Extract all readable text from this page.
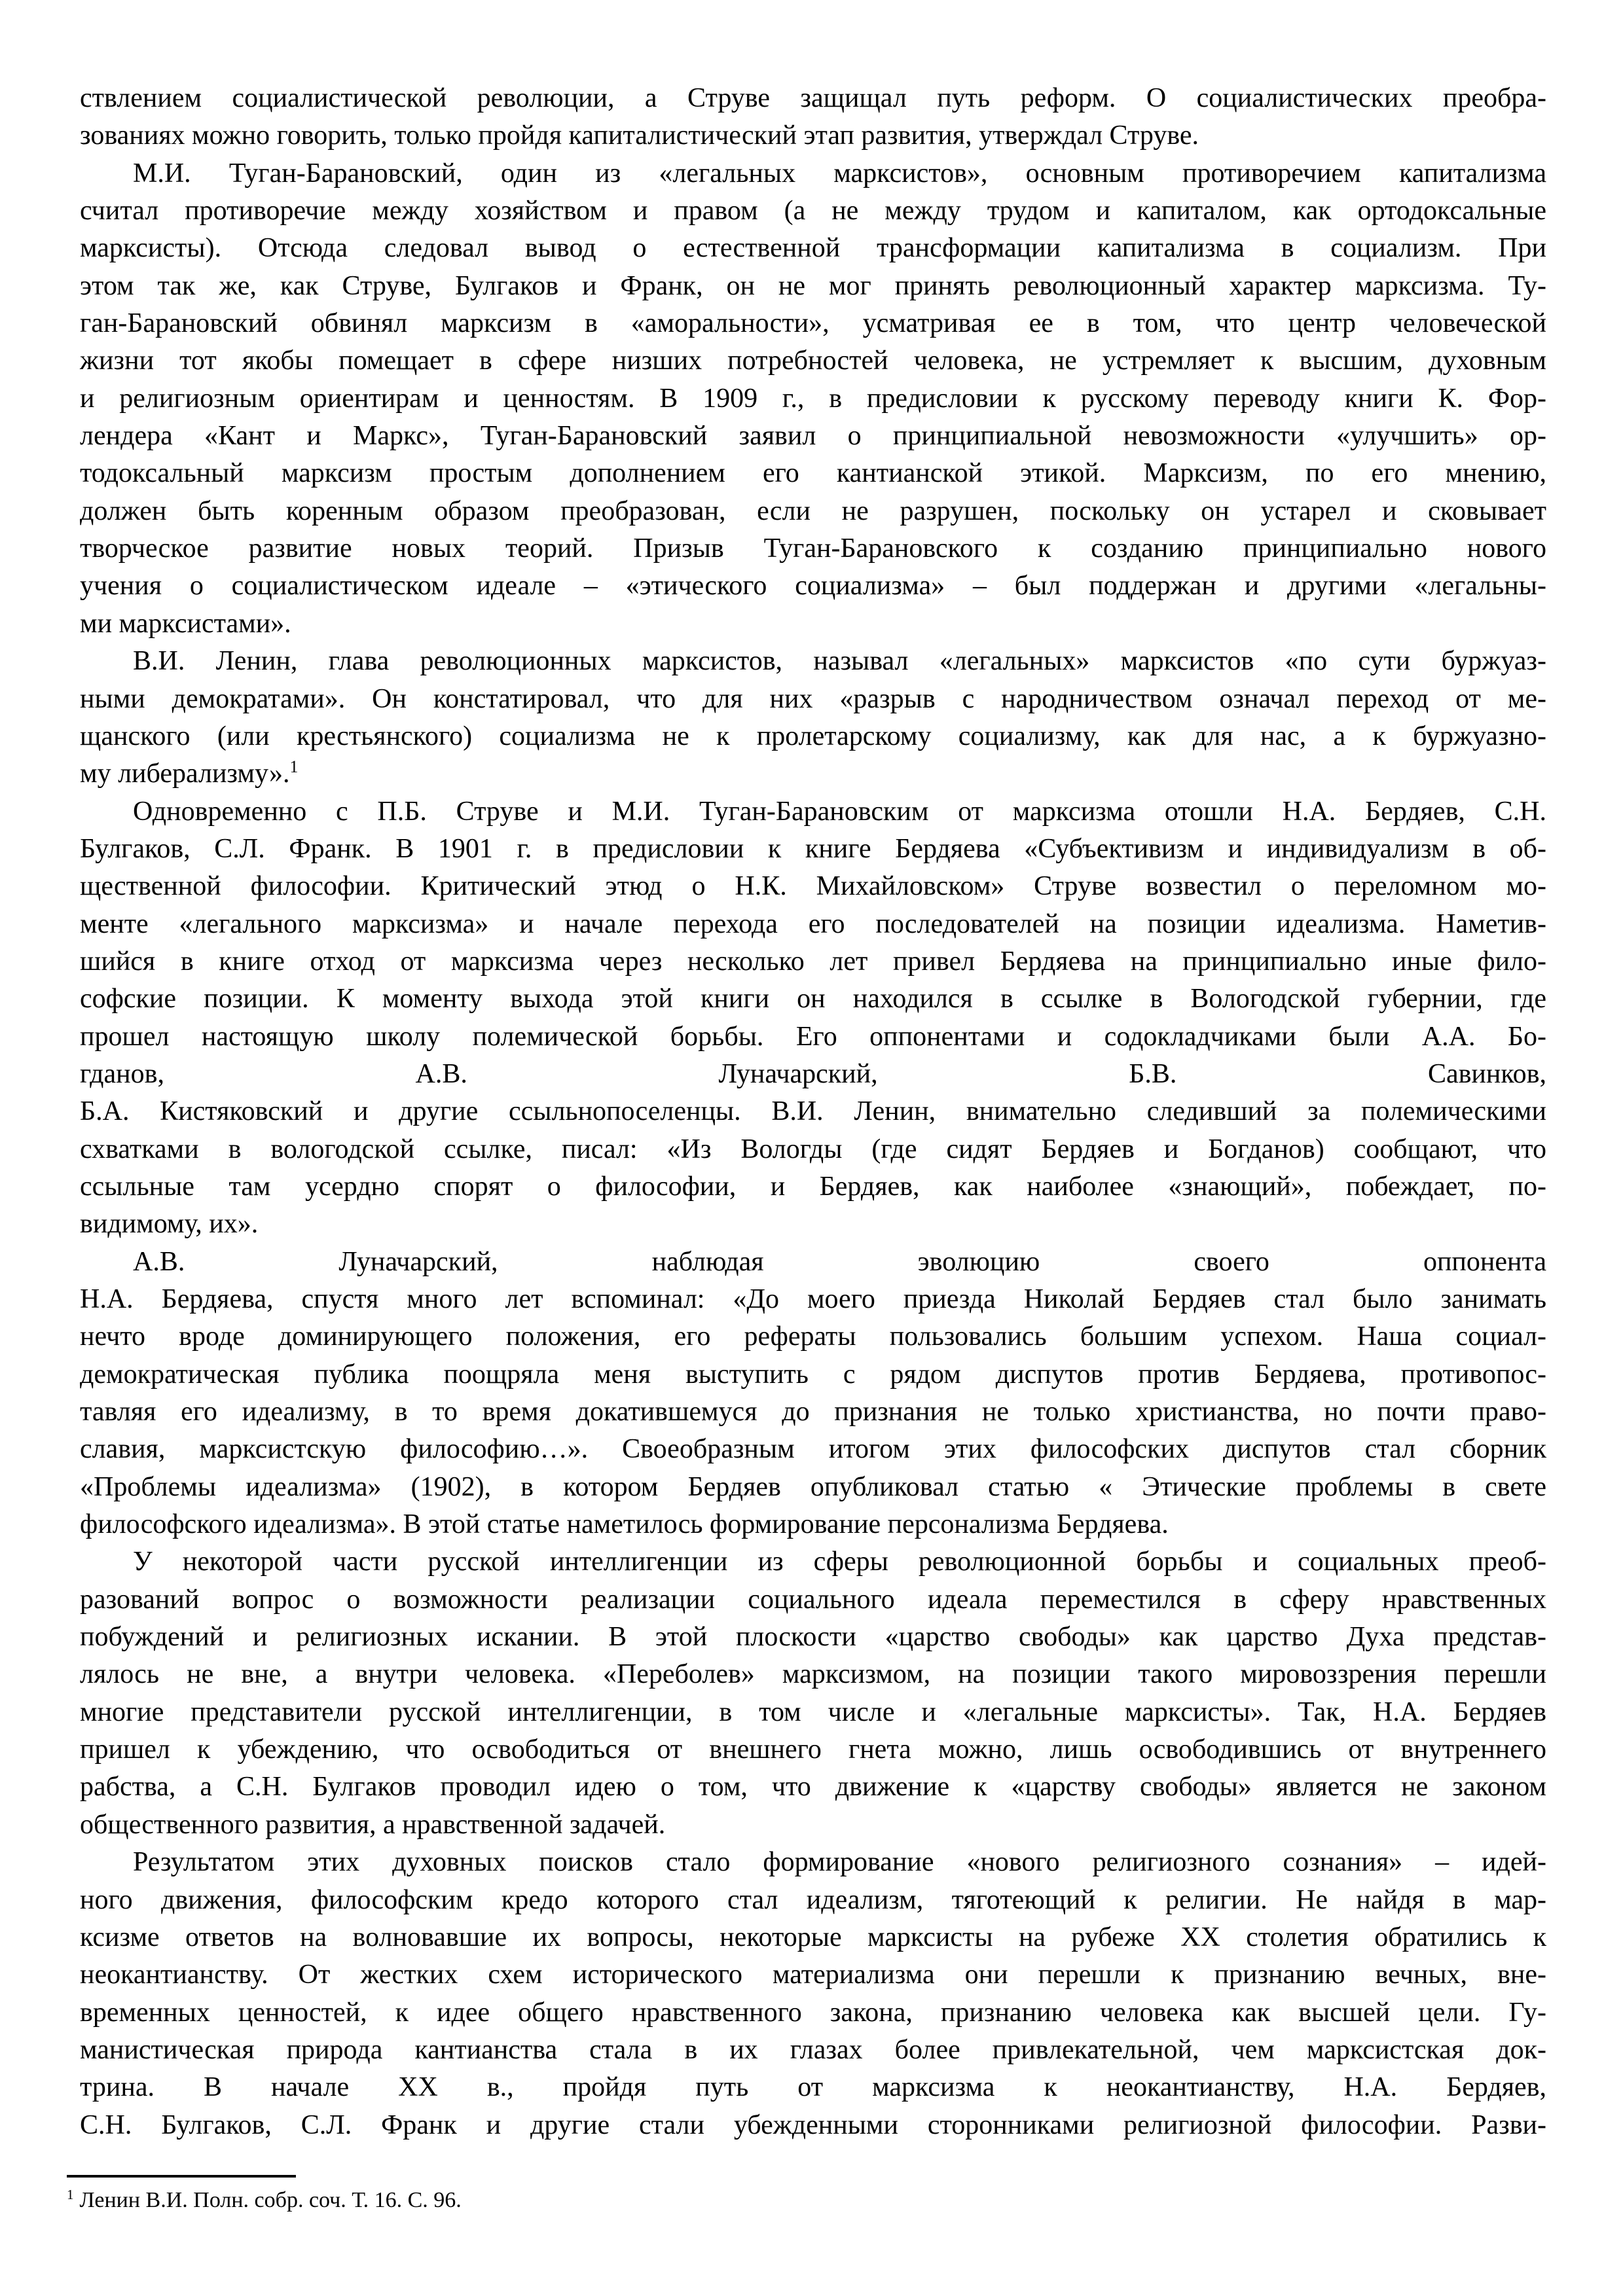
ствлением социалистической революции, а Струве защищал путь реформ. О социалистических преобра-
зованиях можно говорить, только пройдя капиталистический этап развития, утверждал Струве.
М.И. Туган-Барановский, один из «легальных марксистов», основным противоречием капитализма
считал противоречие между хозяйством и правом (а не между трудом и капиталом, как ортодоксальные
марксисты). Отсюда следовал вывод о естественной трансформации капитализма в социализм. При
этом так же, как Струве, Булгаков и Франк, он не мог принять революционный характер марксизма. Ту-
ган-Барановский обвинял марксизм в «аморальности», усматривая ее в том, что центр человеческой
жизни тот якобы помещает в сфере низших потребностей человека, не устремляет к высшим, духовным
и религиозным ориентирам и ценностям. В 1909 г., в предисловии к русскому переводу книги К. Фор-
лендера «Кант и Маркс», Туган-Барановский заявил о принципиальной невозможности «улучшить» ор-
тодоксальный марксизм простым дополнением его кантианской этикой. Марксизм, по его мнению,
должен быть коренным образом преобразован, если не разрушен, поскольку он устарел и сковывает
творческое развитие новых теорий. Призыв Туган-Барановского к созданию принципиально нового
учения о социалистическом идеале – «этического социализма» – был поддержан и другими «легальны-
ми марксистами».
В.И. Ленин, глава революционных марксистов, называл «легальных» марксистов «по сути буржуаз-
ными демократами». Он констатировал, что для них «разрыв с народничеством означал переход от ме-
щанского (или крестьянского) социализма не к пролетарскому социализму, как для нас, а к буржуазно-
му либерализму».$^1$
Одновременно с П.Б. Струве и М.И. Туган-Барановским от марксизма отошли Н.А. Бердяев, С.Н.
Булгаков, С.Л. Франк. В 1901 г. в предисловии к книге Бердяева «Субъективизм и индивидуализм в об-
щественной философии. Критический этюд о Н.К. Михайловском» Струве возвестил о переломном мо-
менте «легального марксизма» и начале перехода его последователей на позиции идеализма. Наметив-
шийся в книге отход от марксизма через несколько лет привел Бердяева на принципиально иные фило-
софские позиции. К моменту выхода этой книги он находился в ссылке в Вологодской губернии, где
прошел настоящую школу полемической борьбы. Его оппонентами и содокладчиками были А.А. Бо-
гданов, А.В. Луначарский, Б.В. Савинков,
Б.А. Кистяковский и другие ссыльнопоселенцы. В.И. Ленин, внимательно следивший за полемическими
схватками в вологодской ссылке, писал: «Из Вологды (где сидят Бердяев и Богданов) сообщают, что
ссыльные там усердно спорят о философии, и Бердяев, как наиболее «знающий», побеждает, по-
видимому, их».
А.В. Луначарский, наблюдая эволюцию своего оппонента
Н.А. Бердяева, спустя много лет вспоминал: «До моего приезда Николай Бердяев стал было занимать
нечто вроде доминирующего положения, его рефераты пользовались большим успехом. Наша социал-
демократическая публика поощряла меня выступить с рядом диспутов против Бердяева, противопос-
тавляя его идеализму, в то время докатившемуся до признания не только христианства, но почти право-
славия, марксистскую философию…». Своеобразным итогом этих философских диспутов стал сборник
«Проблемы идеализма» (1902), в котором Бердяев опубликовал статью « Этические проблемы в свете
философского идеализма». В этой статье наметилось формирование персонализма Бердяева.
У некоторой части русской интеллигенции из сферы революционной борьбы и социальных преоб-
разований вопрос о возможности реализации социального идеала переместился в сферу нравственных
побуждений и религиозных искании. В этой плоскости «царство свободы» как царство Духа представ-
лялось не вне, а внутри человека. «Переболев» марксизмом, на позиции такого мировоззрения перешли
многие представители русской интеллигенции, в том числе и «легальные марксисты». Так, Н.А. Бердяев
пришел к убеждению, что освободиться от внешнего гнета можно, лишь освободившись от внутреннего
рабства, а С.Н. Булгаков проводил идею о том, что движение к «царству свободы» является не законом
общественного развития, а нравственной задачей.
Результатом этих духовных поисков стало формирование «нового религиозного сознания» – идей-
ного движения, философским кредо которого стал идеализм, тяготеющий к религии. Не найдя в мар-
ксизме ответов на волновавшие их вопросы, некоторые марксисты на рубеже XX столетия обратились к
неокантианству. От жестких схем исторического материализма они перешли к признанию вечных, вне-
временных ценностей, к идее общего нравственного закона, признанию человека как высшей цели. Гу-
манистическая природа кантианства стала в их глазах более привлекательной, чем марксистская док-
трина. В начале XX в., пройдя путь от марксизма к неокантианству, Н.А. Бердяев,
С.Н. Булгаков, С.Л. Франк и другие стали убежденными сторонниками религиозной философии. Разви-
$^1$ Ленин В.И. Полн. собр. соч. Т. 16. С. 96.
